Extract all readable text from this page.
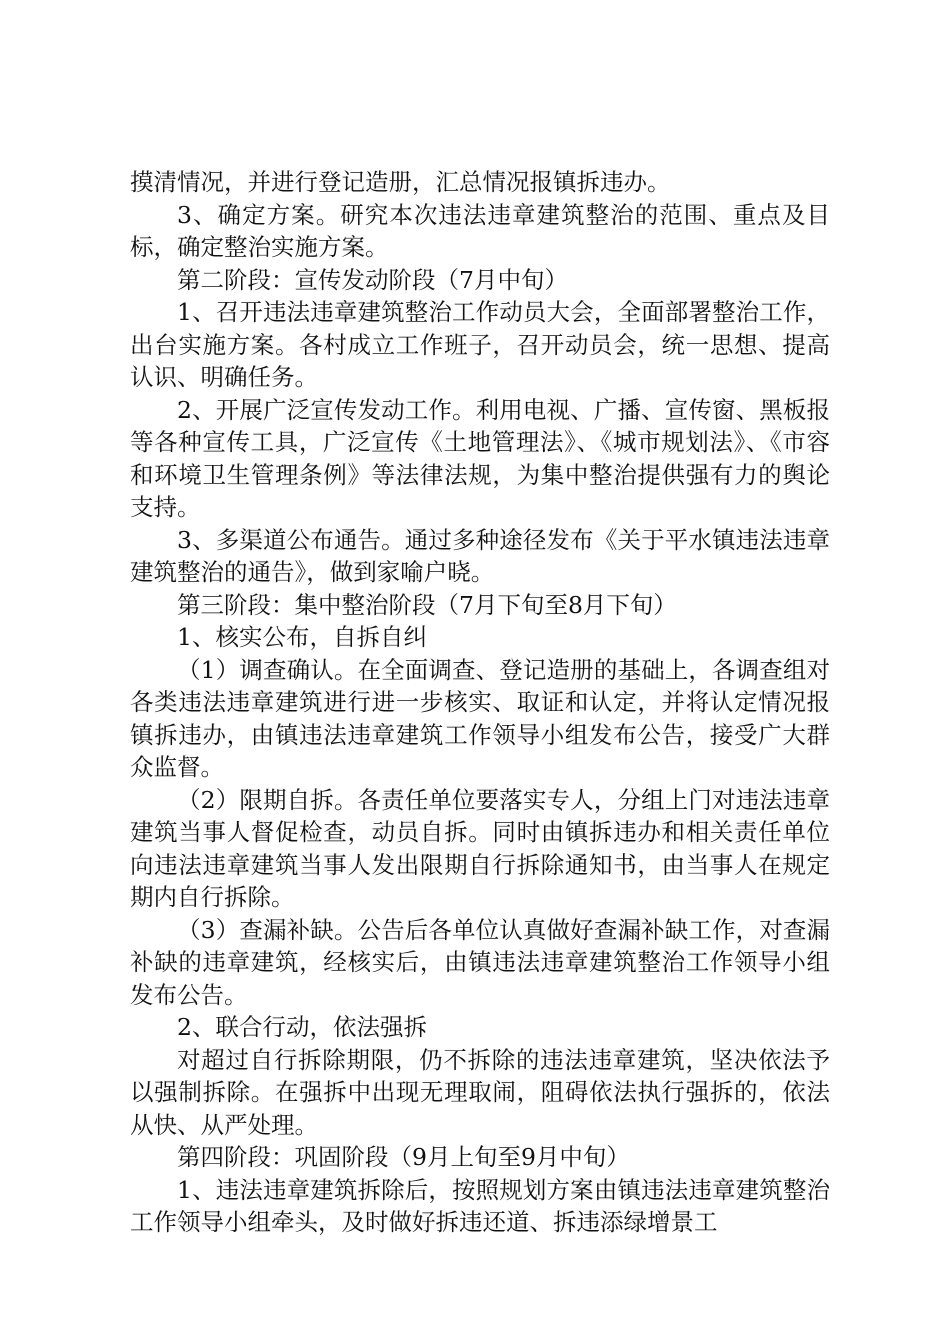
摸清情况，并进行登记造册，汇总情况报镇拆违办。

3、确定方案。研究本次违法违章建筑整治的范围、重点及目标，确定整治实施方案。

第二阶段：宣传发动阶段（7月中旬）

1、召开违法违章建筑整治工作动员大会，全面部署整治工作，出台实施方案。各村成立工作班子，召开动员会，统一思想、提高认识、明确任务。

2、开展广泛宣传发动工作。利用电视、广播、宣传窗、黑板报等各种宣传工具，广泛宣传《土地管理法》、《城市规划法》、《市容和环境卫生管理条例》等法律法规，为集中整治提供强有力的舆论支持。

3、多渠道公布通告。通过多种途径发布《关于平水镇违法违章建筑整治的通告》，做到家喻户晓。

第三阶段：集中整治阶段（7月下旬至8月下旬）

1、核实公布，自拆自纠

（1）调查确认。在全面调查、登记造册的基础上，各调查组对各类违法违章建筑进行进一步核实、取证和认定，并将认定情况报镇拆违办，由镇违法违章建筑工作领导小组发布公告，接受广大群众监督。

（2）限期自拆。各责任单位要落实专人，分组上门对违法违章建筑当事人督促检查，动员自拆。同时由镇拆违办和相关责任单位向违法违章建筑当事人发出限期自行拆除通知书，由当事人在规定期内自行拆除。

（3）查漏补缺。公告后各单位认真做好查漏补缺工作，对查漏补缺的违章建筑，经核实后，由镇违法违章建筑整治工作领导小组发布公告。

2、联合行动，依法强拆

对超过自行拆除期限，仍不拆除的违法违章建筑，坚决依法予以强制拆除。在强拆中出现无理取闹，阻碍依法执行强拆的，依法从快、从严处理。

第四阶段：巩固阶段（9月上旬至9月中旬）

1、违法违章建筑拆除后，按照规划方案由镇违法违章建筑整治工作领导小组牵头，及时做好拆违还道、拆违添绿增景工
